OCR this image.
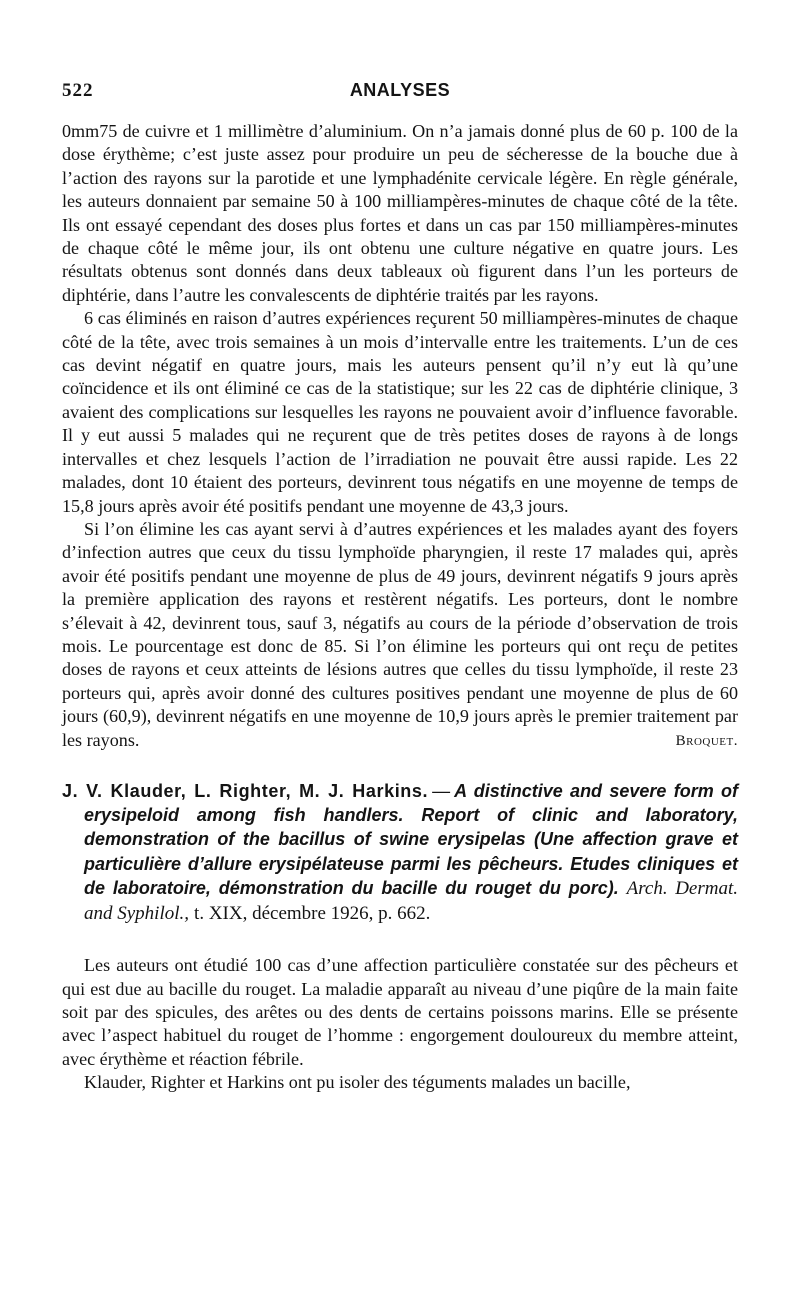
522	ANALYSES

0mm75 de cuivre et 1 millimètre d’aluminium. On n’a jamais donné plus de 60 p. 100 de la dose érythème; c’est juste assez pour produire un peu de sécheresse de la bouche due à l’action des rayons sur la parotide et une lymphadénite cervicale légère. En règle générale, les auteurs donnaient par semaine 50 à 100 milliampères-minutes de chaque côté de la tête. Ils ont essayé cependant des doses plus fortes et dans un cas par 150 milliampères-minutes de chaque côté le même jour, ils ont obtenu une culture négative en quatre jours. Les résultats obtenus sont donnés dans deux tableaux où figurent dans l’un les porteurs de diphtérie, dans l’autre les convalescents de diphtérie traités par les rayons.

6 cas éliminés en raison d’autres expériences reçurent 50 milliampères-minutes de chaque côté de la tête, avec trois semaines à un mois d’intervalle entre les traitements. L’un de ces cas devint négatif en quatre jours, mais les auteurs pensent qu’il n’y eut là qu’une coïncidence et ils ont éliminé ce cas de la statistique; sur les 22 cas de diphtérie clinique, 3 avaient des complications sur lesquelles les rayons ne pouvaient avoir d’influence favorable. Il y eut aussi 5 malades qui ne reçurent que de très petites doses de rayons à de longs intervalles et chez lesquels l’action de l’irradiation ne pouvait être aussi rapide. Les 22 malades, dont 10 étaient des porteurs, devinrent tous négatifs en une moyenne de temps de 15,8 jours après avoir été positifs pendant une moyenne de 43,3 jours.

Si l’on élimine les cas ayant servi à d’autres expériences et les malades ayant des foyers d’infection autres que ceux du tissu lymphoïde pharyngien, il reste 17 malades qui, après avoir été positifs pendant une moyenne de plus de 49 jours, devinrent négatifs 9 jours après la première application des rayons et restèrent négatifs. Les porteurs, dont le nombre s’élevait à 42, devinrent tous, sauf 3, négatifs au cours de la période d’observation de trois mois. Le pourcentage est donc de 85. Si l’on élimine les porteurs qui ont reçu de petites doses de rayons et ceux atteints de lésions autres que celles du tissu lymphoïde, il reste 23 porteurs qui, après avoir donné des cultures positives pendant une moyenne de plus de 60 jours (60,9), devinrent négatifs en une moyenne de 10,9 jours après le premier traitement par les rayons.	Broquet.

J. V. Klauder, L. Righter, M. J. Harkins. — A distinctive and severe form of erysipeloid among fish handlers. Report of clinic and laboratory, demonstration of the bacillus of swine erysipelas (Une affection grave et particulière d’allure erysipélateuse parmi les pêcheurs. Etudes cliniques et de laboratoire, démonstration du bacille du rouget du porc). Arch. Dermat. and Syphilol., t. XIX, décembre 1926, p. 662.

Les auteurs ont étudié 100 cas d’une affection particulière constatée sur des pêcheurs et qui est due au bacille du rouget. La maladie apparaît au niveau d’une piqûre de la main faite soit par des spicules, des arêtes ou des dents de certains poissons marins. Elle se présente avec l’aspect habituel du rouget de l’homme : engorgement douloureux du membre atteint, avec érythème et réaction fébrile.

Klauder, Righter et Harkins ont pu isoler des téguments malades un bacille,
